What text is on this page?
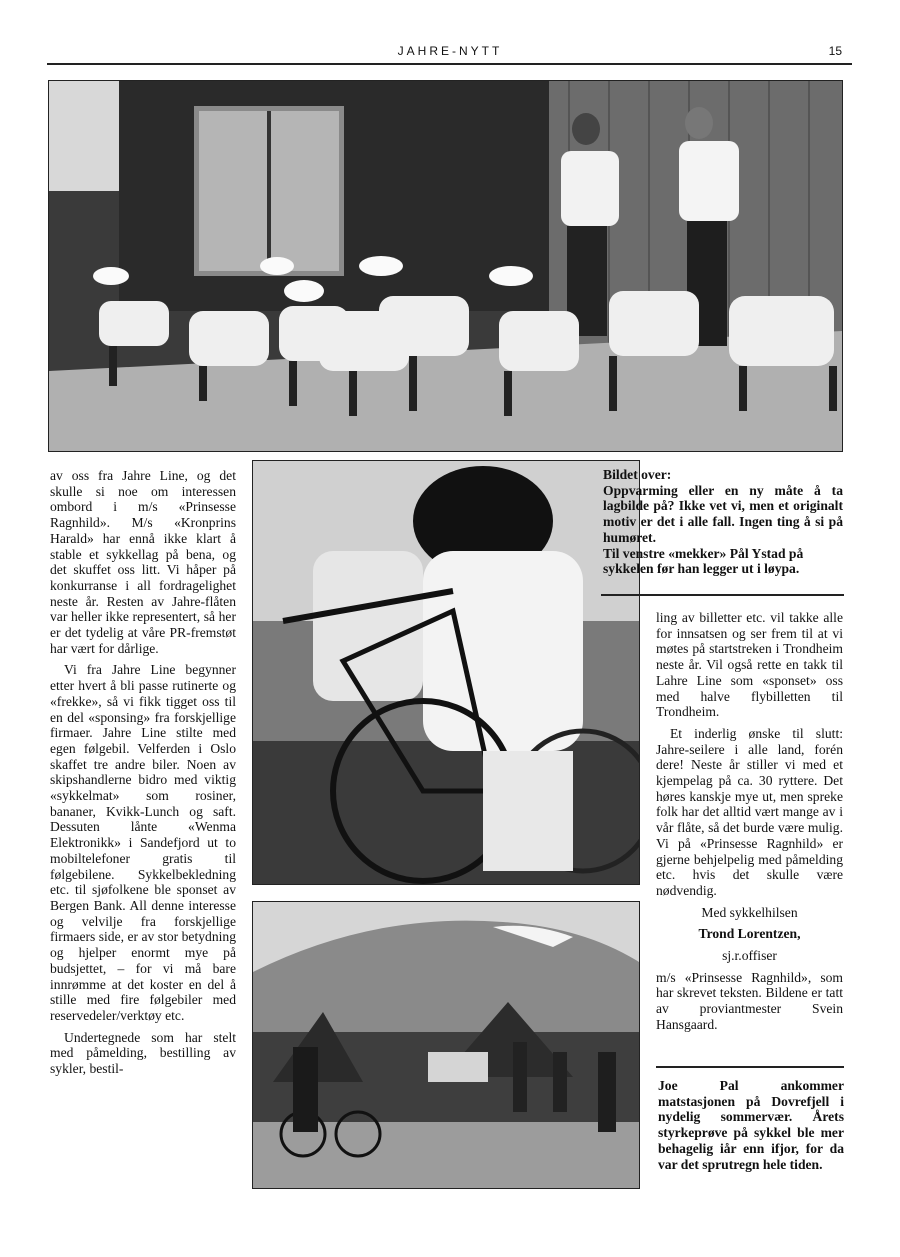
JAHRE-NYTT	15

av oss fra Jahre Line, og det skulle si noe om interessen ombord i m/s «Prinsesse Ragnhild». M/s «Kronprins Harald» har ennå ikke klart å stable et sykkellag på bena, og det skuffet oss litt. Vi håper på konkurranse i all fordragelighet neste år. Resten av Jahre-flåten var heller ikke representert, så her er det tydelig at våre PR-fremstøt har vært for dårlige.

Vi fra Jahre Line begynner etter hvert å bli passe rutinerte og «frekke», så vi fikk tigget oss til en del «sponsing» fra forskjellige firmaer. Jahre Line stilte med egen følgebil. Velferden i Oslo skaffet tre andre biler. Noen av skipshandlerne bidro med viktig «sykkelmat» som rosiner, bananer, Kvikk-Lunch og saft. Dessuten lånte «Wenma Elektronikk» i Sandefjord ut to mobiltelefoner gratis til følgebilene. Sykkelbekledning etc. til sjøfolkene ble sponset av Bergen Bank. All denne interesse og velvilje fra forskjellige firmaers side, er av stor betydning og hjelper enormt mye på budsjettet, – for vi må bare innrømme at det koster en del å stille med fire følgebiler med reservedeler/verktøy etc.

Undertegnede som har stelt med påmelding, bestilling av sykler, bestil-

Bildet over:

Oppvarming eller en ny måte å ta lagbilde på? Ikke vet vi, men et originalt motiv er det i alle fall. Ingen ting å si på humøret.

Til venstre «mekker» Pål Ystad på sykkelen før han legger ut i løypa.

ling av billetter etc. vil takke alle for innsatsen og ser frem til at vi møtes på startstreken i Trondheim neste år. Vil også rette en takk til Lahre Line som «sponset» oss med halve flybilletten til Trondheim.

Et inderlig ønske til slutt: Jahre-seilere i alle land, forén dere! Neste år stiller vi med et kjempelag på ca. 30 ryttere. Det høres kanskje mye ut, men spreke folk har det alltid vært mange av i vår flåte, så det burde være mulig. Vi på «Prinsesse Ragnhild» er gjerne behjelpelig med påmelding etc. hvis det skulle være nødvendig.

Med sykkelhilsen

Trond Lorentzen,

sj.r.offiser

m/s «Prinsesse Ragnhild», som har skrevet teksten. Bildene er tatt av proviantmester Svein Hansgaard.

Joe Pal ankommer matstasjonen på Dovrefjell i nydelig sommervær. Årets styrkeprøve på sykkel ble mer behagelig iår enn ifjor, for da var det sprutregn hele tiden.
